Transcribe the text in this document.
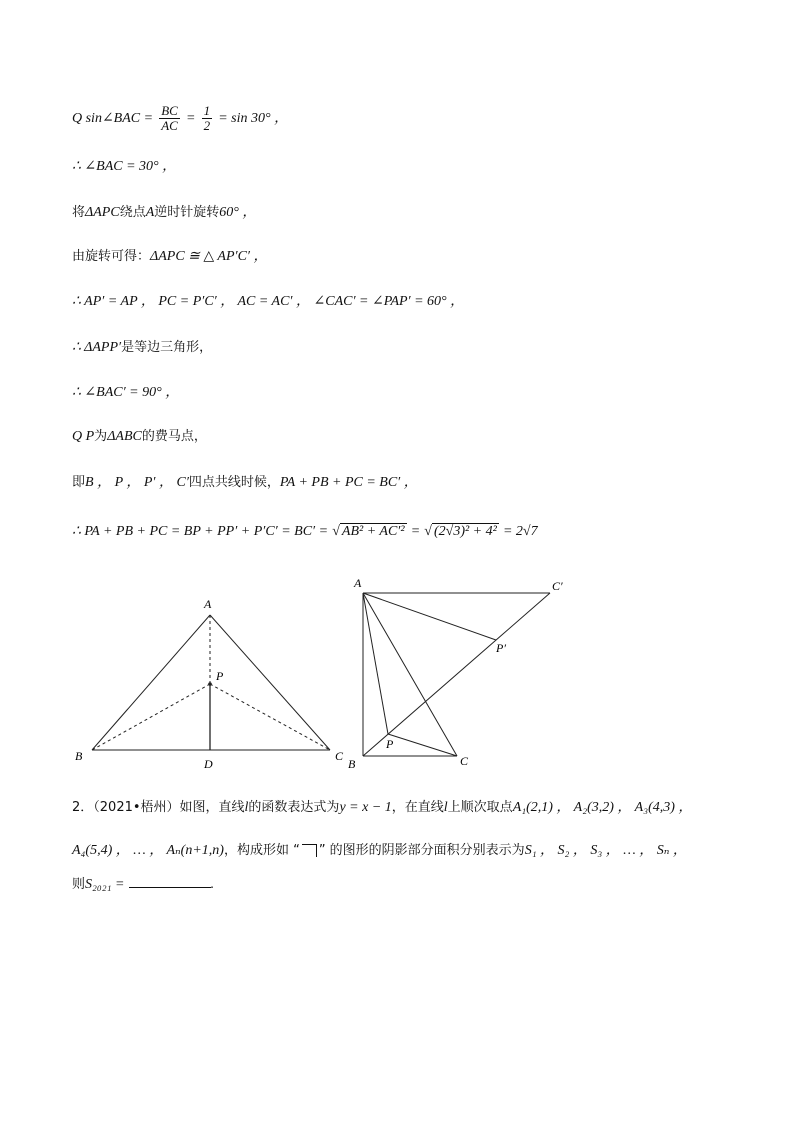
Q sin∠BAC = $\frac{BC}{AC} = \frac{1}{2} = \sin 30^\circ$ ，
∴ ∠BAC = 30° ，
将ΔAPC绕点A逆时针旋转60° ，
由旋转可得：ΔAPC ≅ △ AP′C′ ，
∴ AP′ = AP ， PC = P′C′ ， AC = AC′ ， ∠CAC′ = ∠PAP′ = 60° ，
∴ ΔAPP′是等边三角形，
∴ ∠BAC′ = 90° ，
Q P为ΔABC的费马点，
即B ， P ， P′ ， C′四点共线时候，PA + PB + PC = BC′ ，
∴ PA + PB + PC = BP + PP′ + P′C′ = BC′ = √ AB² + AC′² = √ (2√3)² + 4² = 2√7
A
B	C
D
P
A	C′
P′
P
B	C
2．（2021•梧州）如图，直线l的函数表达式为y = x − 1，在直线l上顺次取点A₁(2,1) ， A₂(3,2) ， A₃(4,3) ，
A₄(5,4) ， … ， Aₙ(n+1,n)，构成形如 “ ” 的图形的阴影部分面积分别表示为S₁ ， S₂ ， S₃ ， … ， Sₙ ，
则S₂₀₂₁ =	.
